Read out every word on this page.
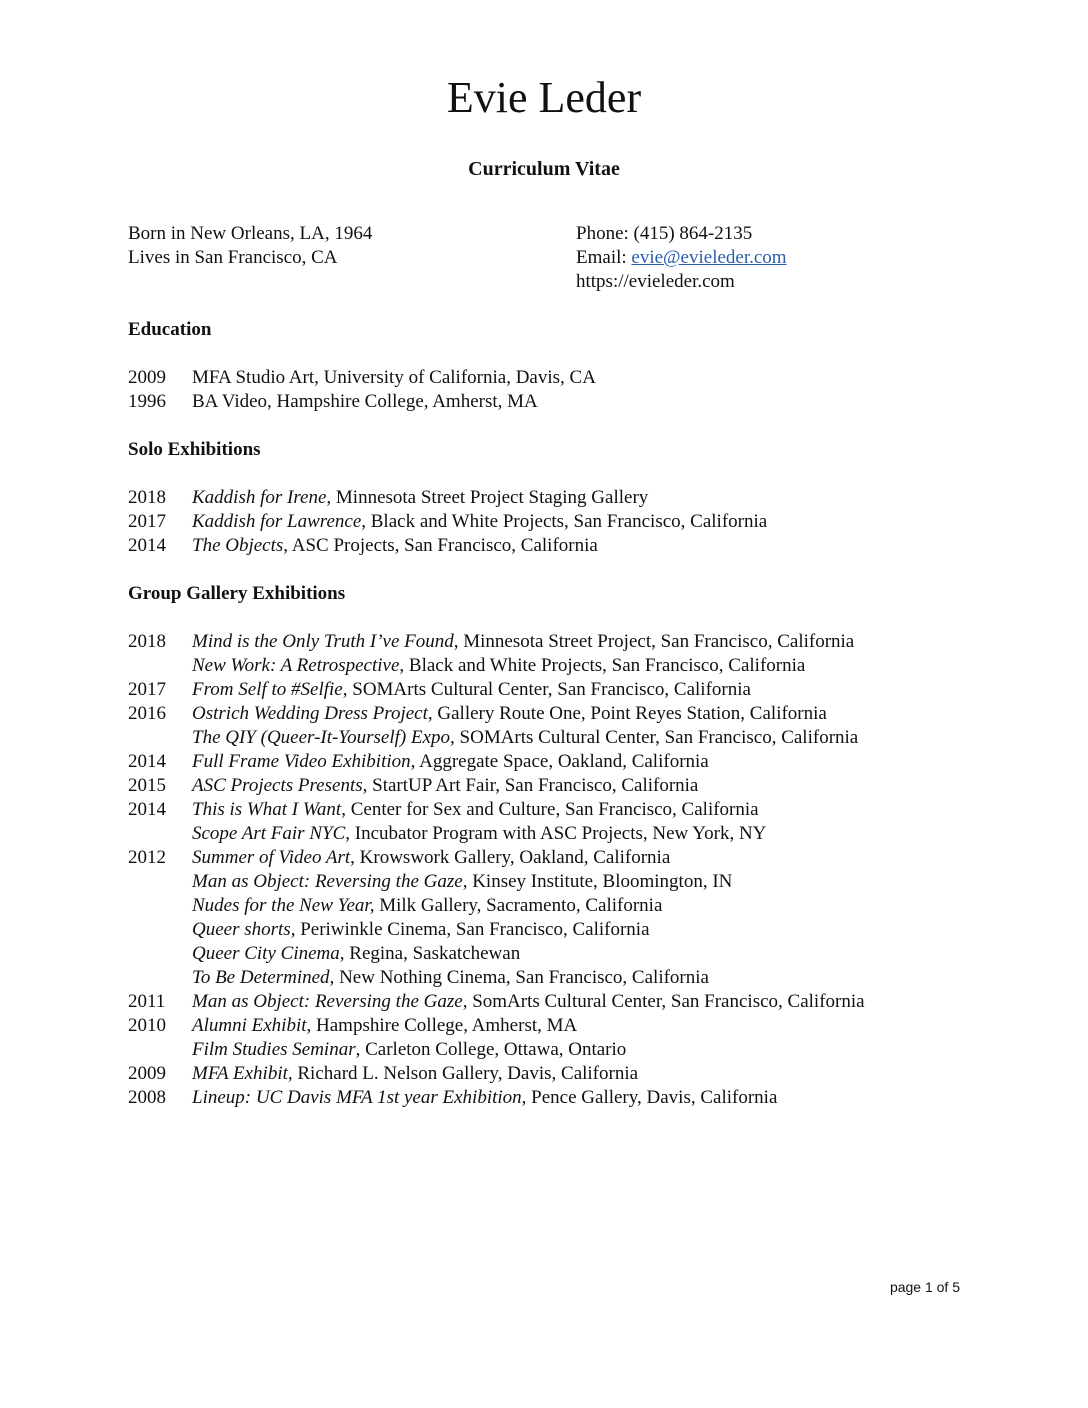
Evie Leder
Curriculum Vitae
Born in New Orleans, LA, 1964
Lives in San Francisco, CA
Phone: (415) 864-2135
Email: evie@evieleder.com
https://evieleder.com
Education
2009	MFA Studio Art, University of California, Davis, CA
1996	BA Video, Hampshire College, Amherst, MA
Solo Exhibitions
2018	Kaddish for Irene, Minnesota Street Project Staging Gallery
2017	Kaddish for Lawrence, Black and White Projects, San Francisco, California
2014	The Objects, ASC Projects, San Francisco, California
Group Gallery Exhibitions
2018	Mind is the Only Truth I’ve Found, Minnesota Street Project, San Francisco, California
New Work: A Retrospective, Black and White Projects, San Francisco, California
2017	From Self to #Selfie, SOMArts Cultural Center, San Francisco, California
2016	Ostrich Wedding Dress Project, Gallery Route One, Point Reyes Station, California
The QIY (Queer-It-Yourself) Expo, SOMArts Cultural Center, San Francisco, California
2014	Full Frame Video Exhibition, Aggregate Space, Oakland, California
2015	ASC Projects Presents, StartUP Art Fair, San Francisco, California
2014	This is What I Want, Center for Sex and Culture, San Francisco, California
Scope Art Fair NYC, Incubator Program with ASC Projects, New York, NY
2012	Summer of Video Art, Krowswork Gallery, Oakland, California
Man as Object: Reversing the Gaze, Kinsey Institute, Bloomington, IN
Nudes for the New Year, Milk Gallery, Sacramento, California
Queer shorts, Periwinkle Cinema, San Francisco, California
Queer City Cinema, Regina, Saskatchewan
To Be Determined, New Nothing Cinema, San Francisco, California
2011	Man as Object: Reversing the Gaze, SomArts Cultural Center, San Francisco, California
2010	Alumni Exhibit, Hampshire College, Amherst, MA
Film Studies Seminar, Carleton College, Ottawa, Ontario
2009	MFA Exhibit, Richard L. Nelson Gallery, Davis, California
2008	Lineup: UC Davis MFA 1st year Exhibition, Pence Gallery, Davis, California
page 1 of 5
